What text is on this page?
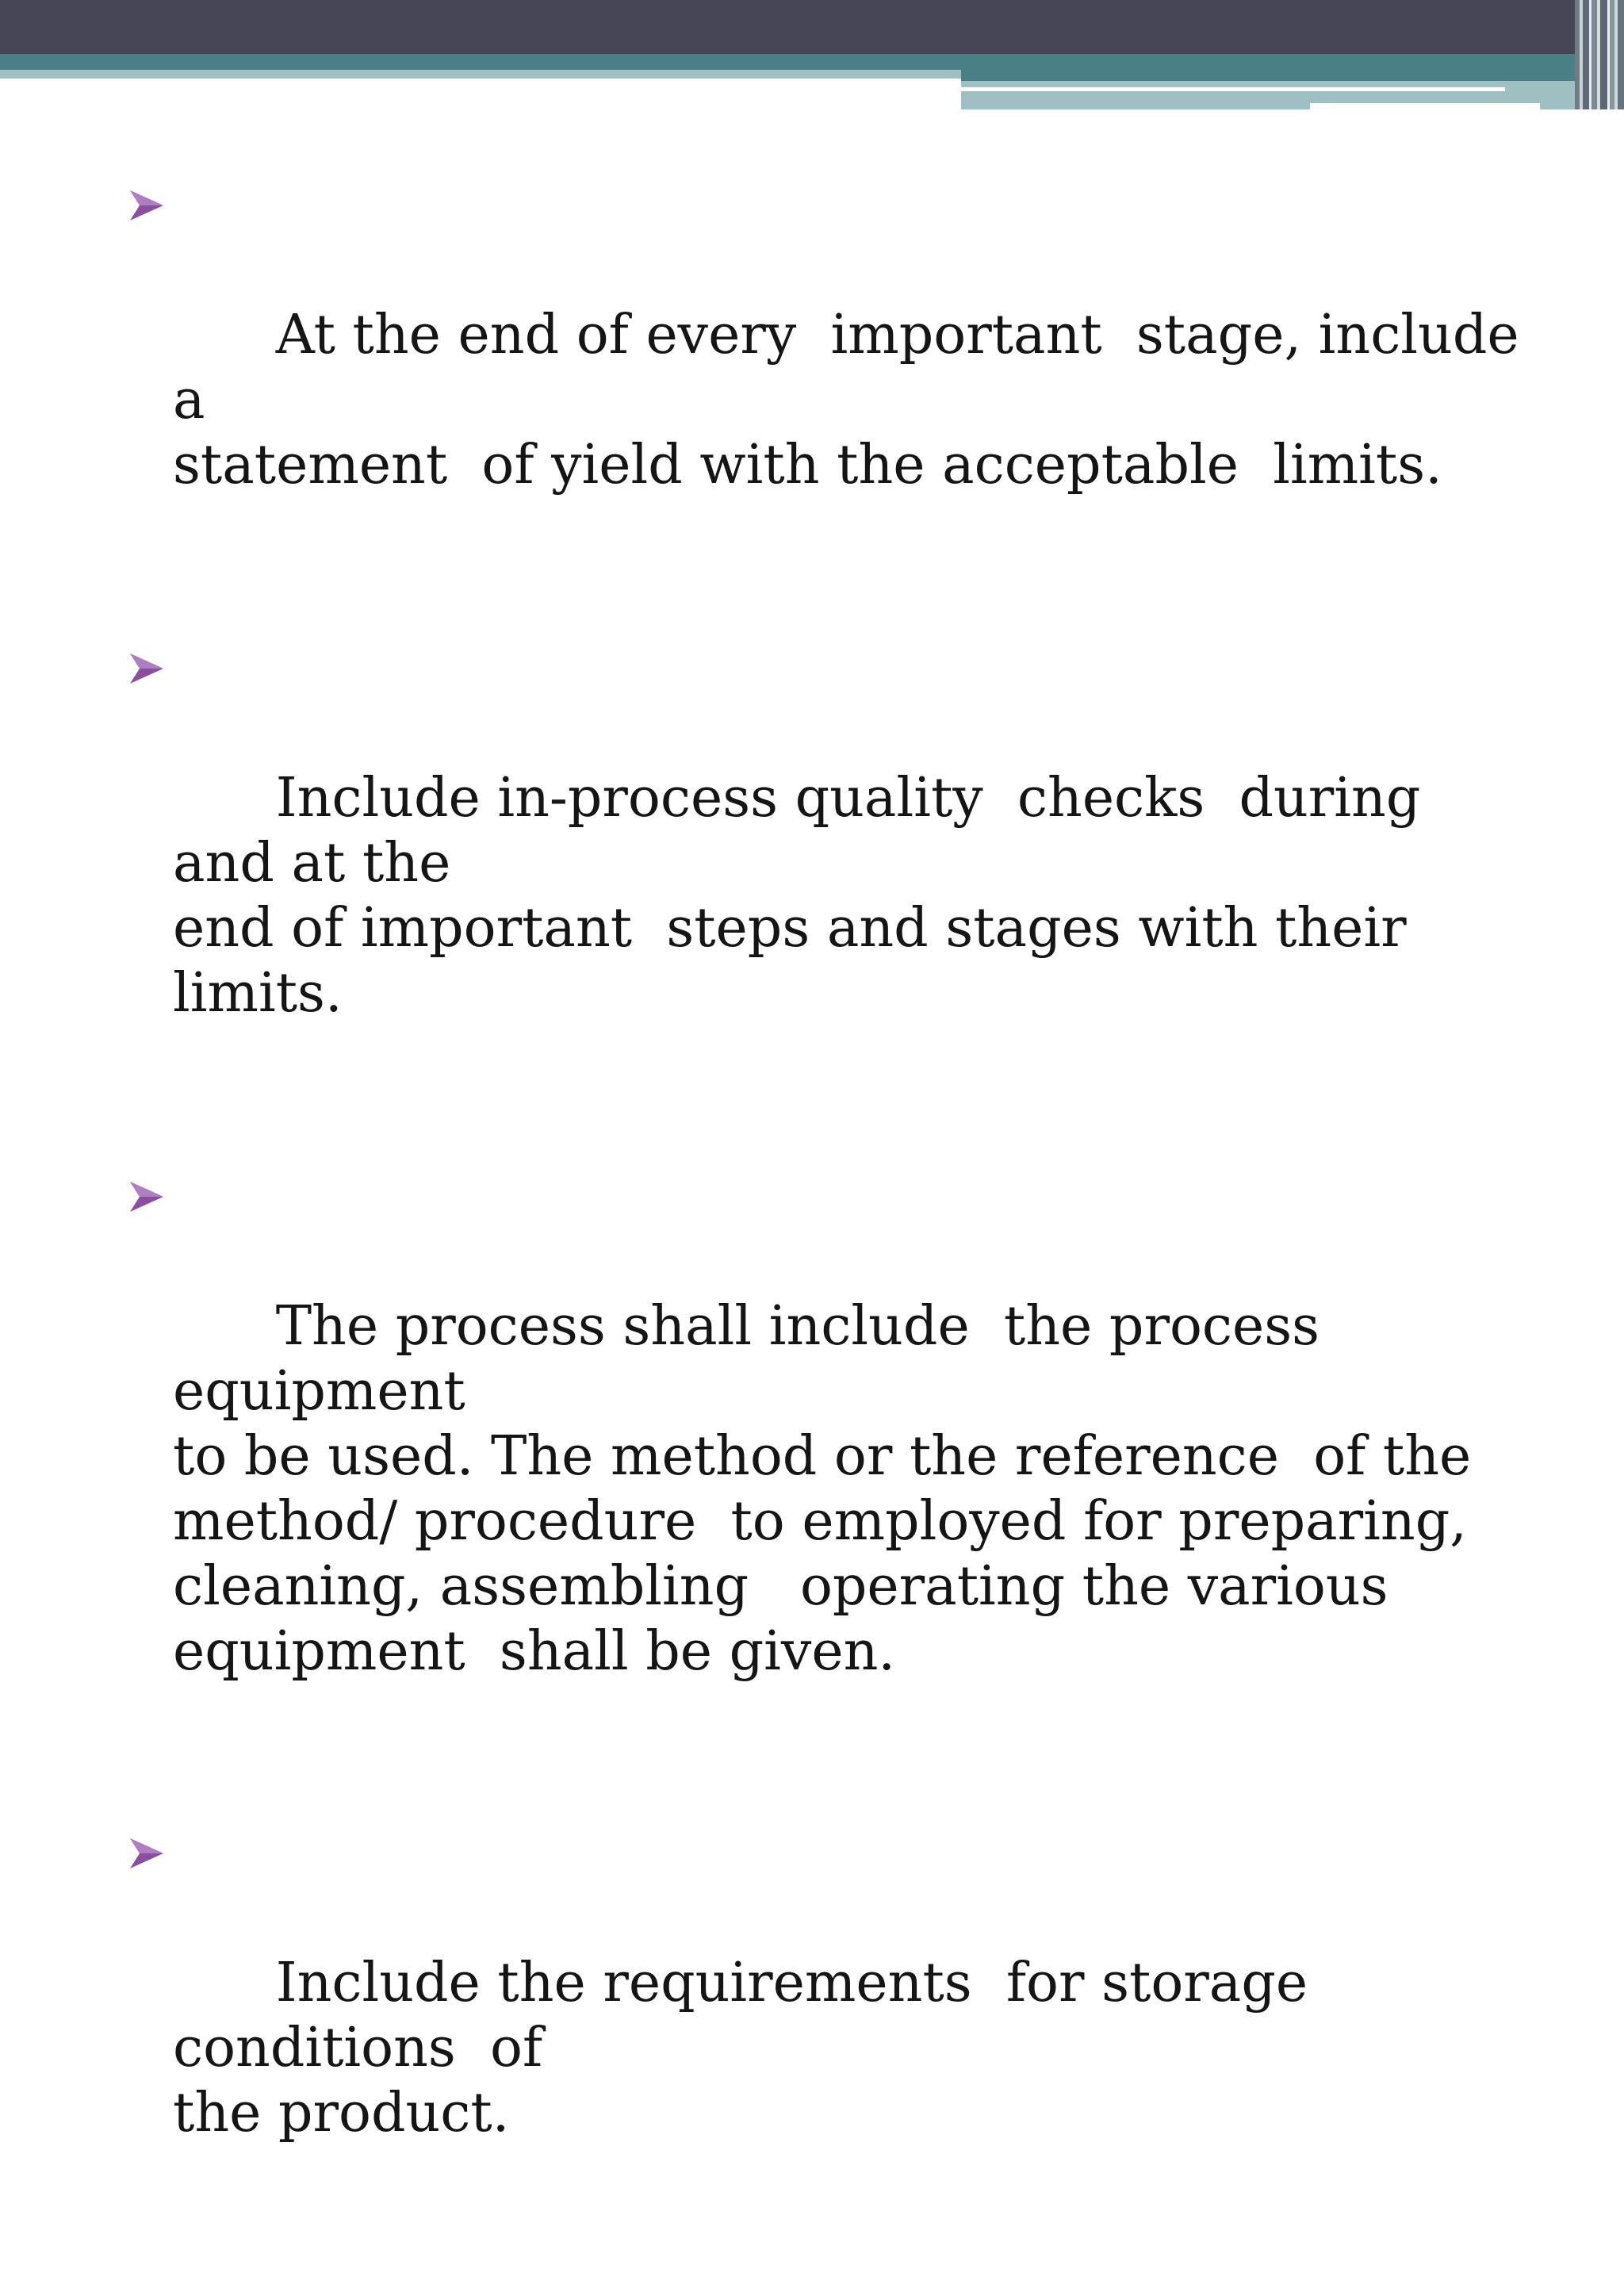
At the end of every  important  stage, include a
statement  of yield with the acceptable  limits.

Include in-process quality  checks  during and at the
end of important  steps and stages with their limits.

The process shall include  the process  equipment
to be used. The method or the reference  of the
method/ procedure  to employed for preparing,
cleaning, assembling   operating the various
equipment  shall be given.

Include the requirements  for storage  conditions  of
the product.
